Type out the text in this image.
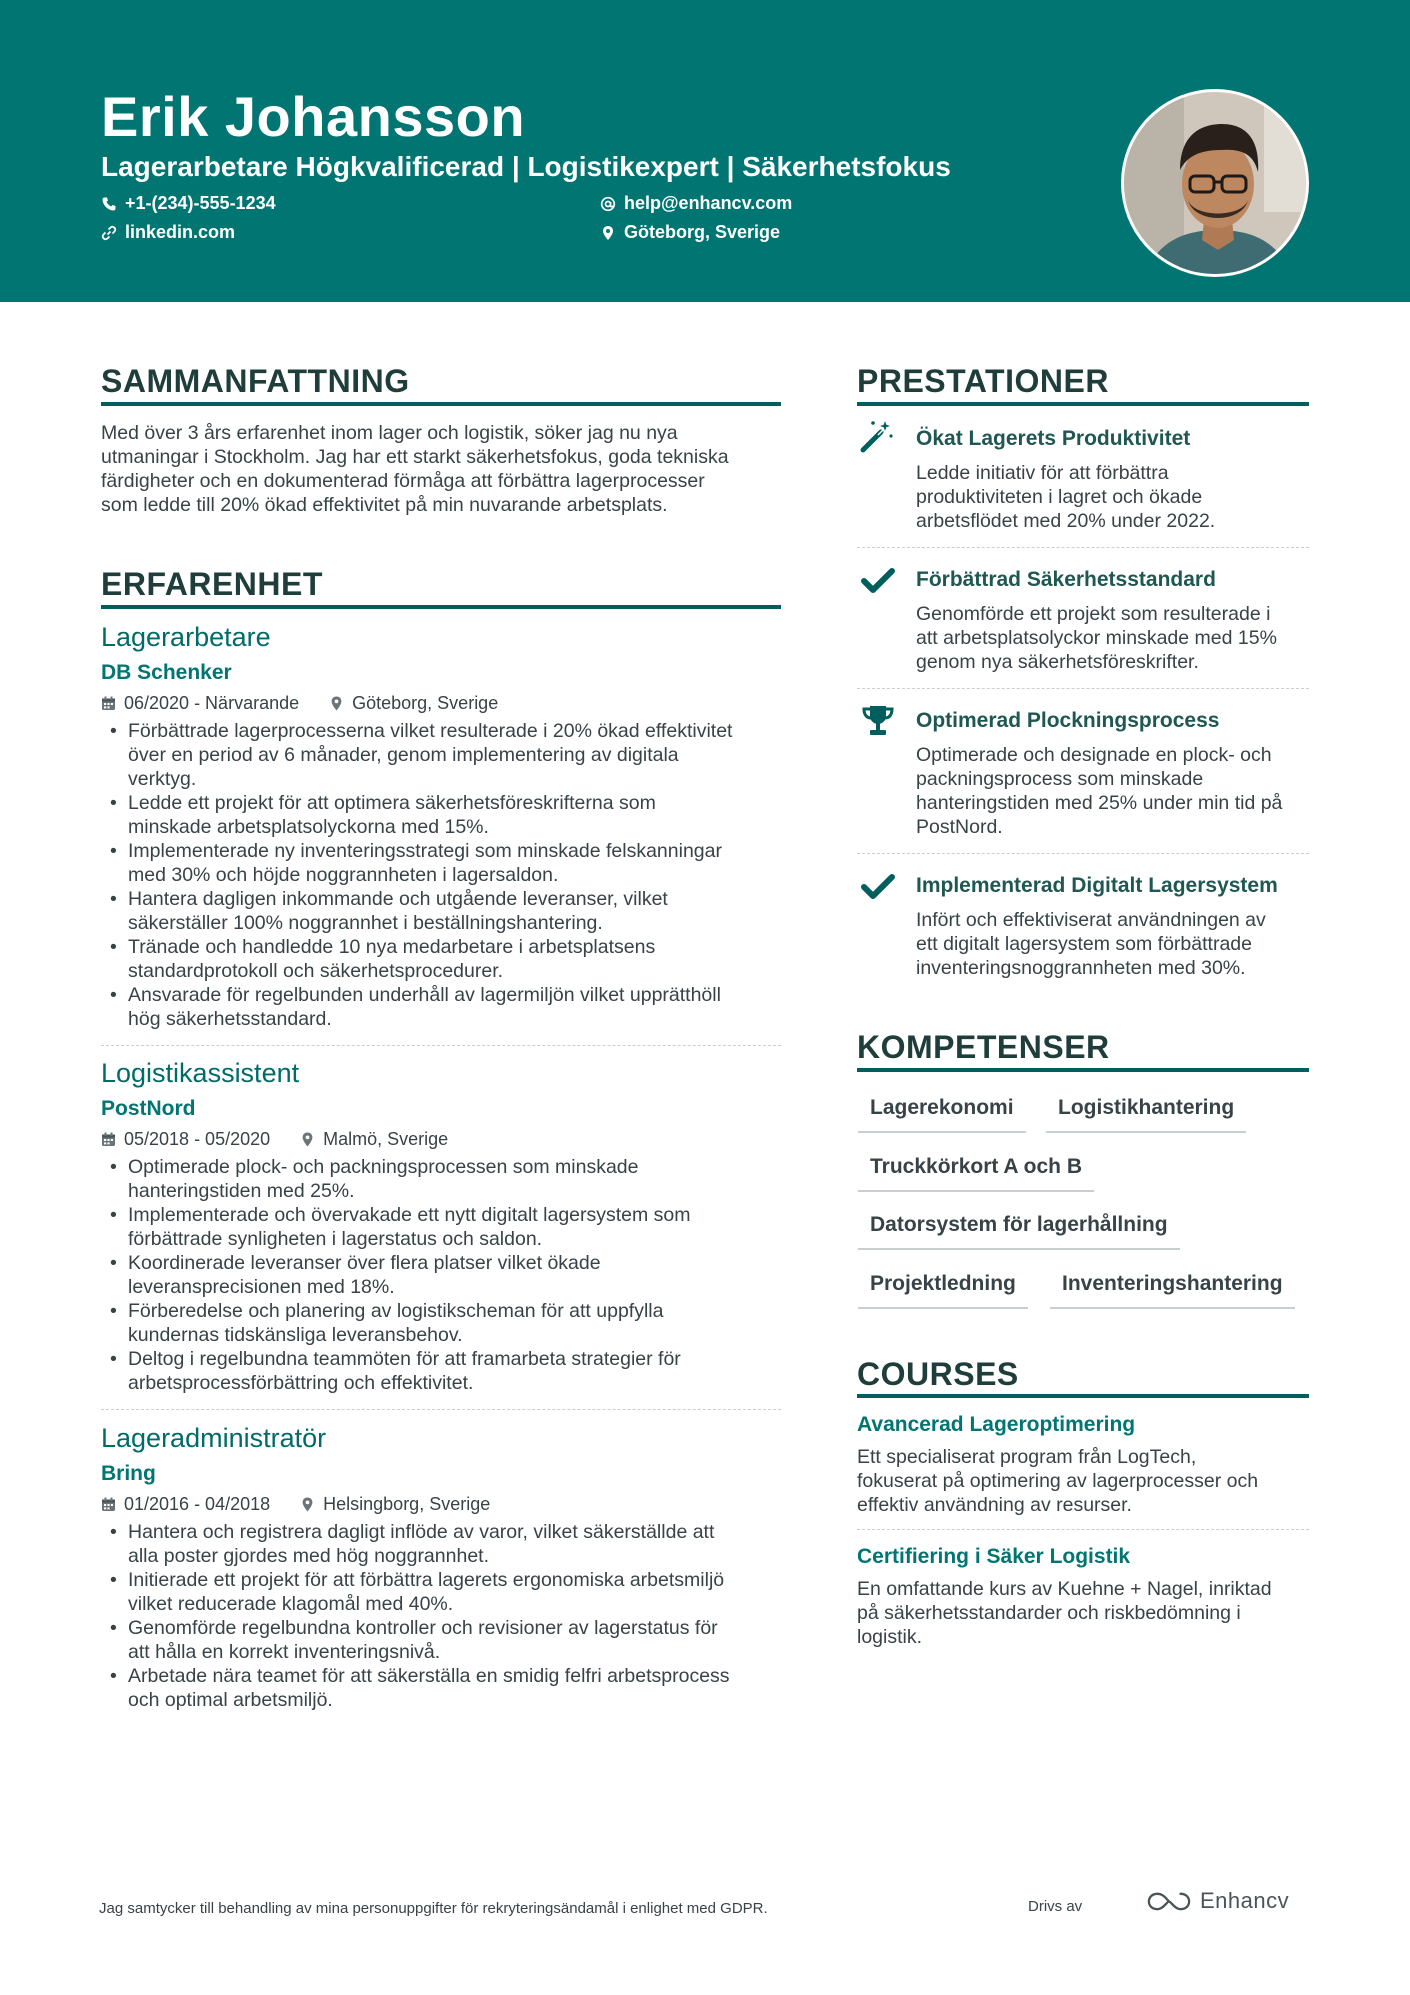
Erik Johansson
Lagerarbetare Högkvalificerad | Logistikexpert | Säkerhetsfokus
+1-(234)-555-1234	help@enhancv.com
linkedin.com	Göteborg, Sverige
SAMMANFATTNING
Med över 3 års erfarenhet inom lager och logistik, söker jag nu nya
utmaningar i Stockholm. Jag har ett starkt säkerhetsfokus, goda tekniska
färdigheter och en dokumenterad förmåga att förbättra lagerprocesser
som ledde till 20% ökad effektivitet på min nuvarande arbetsplats.
ERFARENHET
Lagerarbetare
DB Schenker
06/2020 - Närvarande	Göteborg, Sverige
• Förbättrade lagerprocesserna vilket resulterade i 20% ökad effektivitet
över en period av 6 månader, genom implementering av digitala
verktyg.
• Ledde ett projekt för att optimera säkerhetsföreskrifterna som
minskade arbetsplatsolyckorna med 15%.
• Implementerade ny inventeringsstrategi som minskade felskanningar
med 30% och höjde noggrannheten i lagersaldon.
• Hantera dagligen inkommande och utgående leveranser, vilket
säkerställer 100% noggrannhet i beställningshantering.
• Tränade och handledde 10 nya medarbetare i arbetsplatsens
standardprotokoll och säkerhetsprocedurer.
• Ansvarade för regelbunden underhåll av lagermiljön vilket upprätthöll
hög säkerhetsstandard.
Logistikassistent
PostNord
05/2018 - 05/2020	Malmö, Sverige
• Optimerade plock- och packningsprocessen som minskade
hanteringstiden med 25%.
• Implementerade och övervakade ett nytt digitalt lagersystem som
förbättrade synligheten i lagerstatus och saldon.
• Koordinerade leveranser över flera platser vilket ökade
leveransprecisionen med 18%.
• Förberedelse och planering av logistikscheman för att uppfylla
kundernas tidskänsliga leveransbehov.
• Deltog i regelbundna teammöten för att framarbeta strategier för
arbetsprocessförbättring och effektivitet.
Lageradministratör
Bring
01/2016 - 04/2018	Helsingborg, Sverige
• Hantera och registrera dagligt inflöde av varor, vilket säkerställde att
alla poster gjordes med hög noggrannhet.
• Initierade ett projekt för att förbättra lagerets ergonomiska arbetsmiljö
vilket reducerade klagomål med 40%.
• Genomförde regelbundna kontroller och revisioner av lagerstatus för
att hålla en korrekt inventeringsnivå.
• Arbetade nära teamet för att säkerställa en smidig felfri arbetsprocess
och optimal arbetsmiljö.
PRESTATIONER
Ökat Lagerets Produktivitet
Ledde initiativ för att förbättra
produktiviteten i lagret och ökade
arbetsflödet med 20% under 2022.
Förbättrad Säkerhetsstandard
Genomförde ett projekt som resulterade i
att arbetsplatsolyckor minskade med 15%
genom nya säkerhetsföreskrifter.
Optimerad Plockningsprocess
Optimerade och designade en plock- och
packningsprocess som minskade
hanteringstiden med 25% under min tid på
PostNord.
Implementerad Digitalt Lagersystem
Infört och effektiviserat användningen av
ett digitalt lagersystem som förbättrade
inventeringsnoggrannheten med 30%.
KOMPETENSER
Lagerekonomi	Logistikhantering
Truckkörkort A och B
Datorsystem för lagerhållning
Projektledning	Inventeringshantering
COURSES
Avancerad Lageroptimering
Ett specialiserat program från LogTech,
fokuserat på optimering av lagerprocesser och
effektiv användning av resurser.
Certifiering i Säker Logistik
En omfattande kurs av Kuehne + Nagel, inriktad
på säkerhetsstandarder och riskbedömning i
logistik.
Jag samtycker till behandling av mina personuppgifter för rekryteringsändamål i enlighet med GDPR.	Drivs av	Enhancv
